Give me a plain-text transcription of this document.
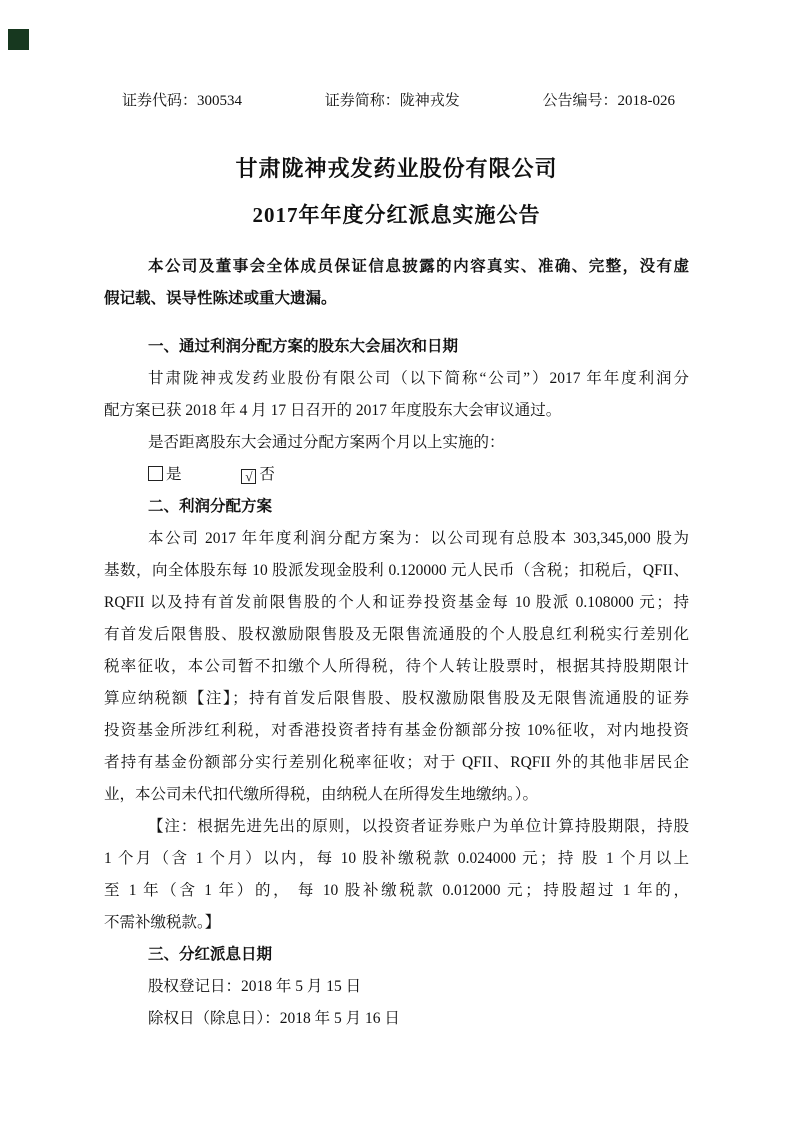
证券代码：300534	证券简称：陇神戎发	公告编号：2018-026
甘肃陇神戎发药业股份有限公司
2017年年度分红派息实施公告
本公司及董事会全体成员保证信息披露的内容真实、准确、完整，没有虚
假记载、误导性陈述或重大遗漏。
一、通过利润分配方案的股东大会届次和日期
甘肃陇神戎发药业股份有限公司（以下简称“公司”）2017 年年度利润分
配方案已获 2018 年 4 月 17 日召开的 2017 年度股东大会审议通过。
是否距离股东大会通过分配方案两个月以上实施的：
是	√ 否
二、利润分配方案
本公司 2017 年年度利润分配方案为：以公司现有总股本 303,345,000 股为
基数，向全体股东每 10 股派发现金股利 0.120000 元人民币（含税；扣税后，QFII、
RQFII 以及持有首发前限售股的个人和证券投资基金每 10 股派 0.108000 元；持
有首发后限售股、股权激励限售股及无限售流通股的个人股息红利税实行差别化
税率征收，本公司暂不扣缴个人所得税，待个人转让股票时，根据其持股期限计
算应纳税额【注】；持有首发后限售股、股权激励限售股及无限售流通股的证券
投资基金所涉红利税，对香港投资者持有基金份额部分按 10%征收，对内地投资
者持有基金份额部分实行差别化税率征收；对于 QFII、RQFII 外的其他非居民企
业，本公司未代扣代缴所得税，由纳税人在所得发生地缴纳。）。
【注：根据先进先出的原则，以投资者证券账户为单位计算持股期限，持股
1 个月（含 1 个月）以内，每 10 股补缴税款 0.024000 元；持 股 1 个月以上
至 1 年（含 1 年）的， 每 10 股补缴税款 0.012000 元；持股超过 1 年的，
不需补缴税款。】
三、分红派息日期
股权登记日：2018 年 5 月 15 日
除权日（除息日）：2018 年 5 月 16 日
